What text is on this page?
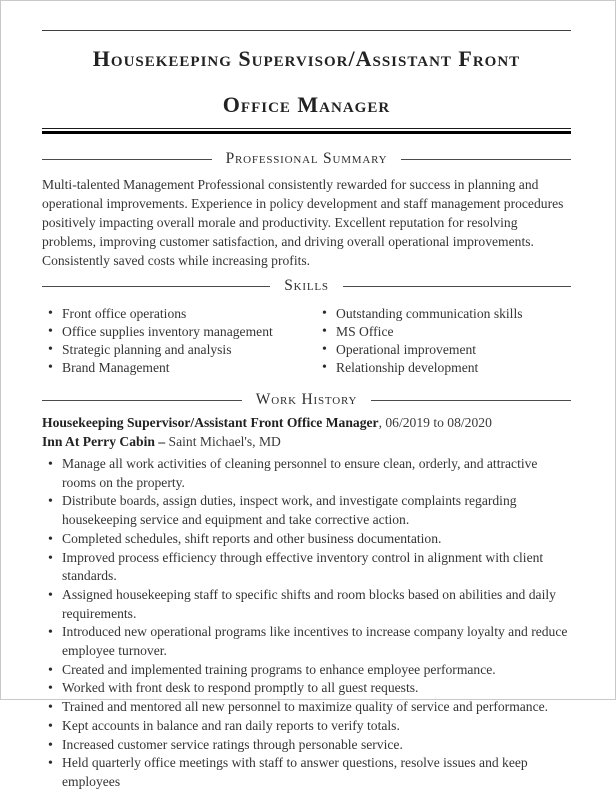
Housekeeping Supervisor/Assistant Front
Office Manager
Professional Summary

Multi-talented Management Professional consistently rewarded for success in planning and operational improvements. Experience in policy development and staff management procedures positively impacting overall morale and productivity. Excellent reputation for resolving problems, improving customer satisfaction, and driving overall operational improvements. Consistently saved costs while increasing profits.

Skills
• Front office operations
• Office supplies inventory management
• Strategic planning and analysis
• Brand Management
• Outstanding communication skills
• MS Office
• Operational improvement
• Relationship development
Work History

Housekeeping Supervisor/Assistant Front Office Manager, 06/2019 to 08/2020

Inn At Perry Cabin – Saint Michael's, MD

• Manage all work activities of cleaning personnel to ensure clean, orderly, and attractive rooms on the property.
• Distribute boards, assign duties, inspect work, and investigate complaints regarding housekeeping service and equipment and take corrective action.
• Completed schedules, shift reports and other business documentation.
• Improved process efficiency through effective inventory control in alignment with client standards.
• Assigned housekeeping staff to specific shifts and room blocks based on abilities and daily requirements.
• Introduced new operational programs like incentives to increase company loyalty and reduce employee turnover.
• Created and implemented training programs to enhance employee performance.
• Worked with front desk to respond promptly to all guest requests.
• Trained and mentored all new personnel to maximize quality of service and performance.
• Kept accounts in balance and ran daily reports to verify totals.
• Increased customer service ratings through personable service.
• Held quarterly office meetings with staff to answer questions, resolve issues and keep employees
